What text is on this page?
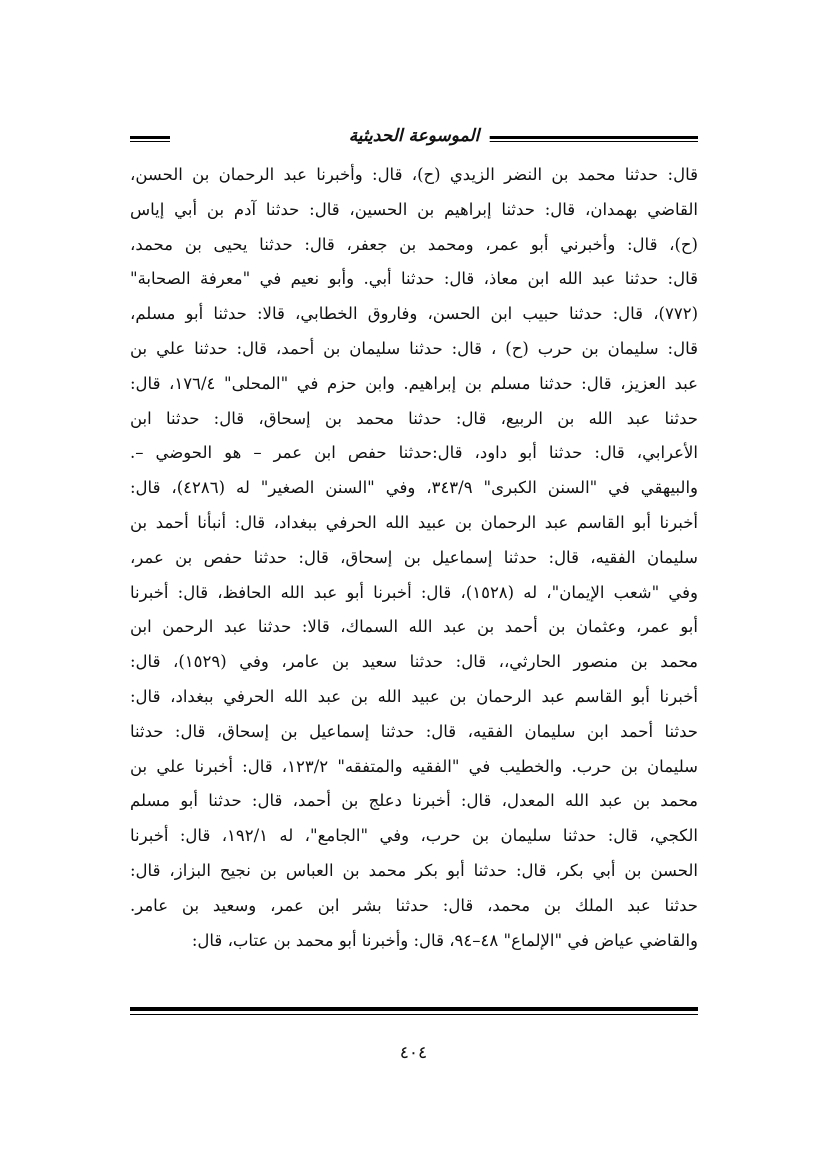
الموسوعة الحديثية
قال: حدثنا محمد بن النضر الزيدي (ح)، قال: وأخبرنا عبد الرحمان بن الحسن،
القاضي بهمدان، قال: حدثنا إبراهيم بن الحسين، قال: حدثنا آدم بن أبي إياس
(ح)، قال: وأخبرني أبو عمر، ومحمد بن جعفر، قال: حدثنا يحيى بن محمد،
قال: حدثنا عبد الله ابن معاذ، قال: حدثنا أبي. وأبو نعيم في "معرفة الصحابة"
(٧٧٢)، قال: حدثنا حبيب ابن الحسن، وفاروق الخطابي، قالا: حدثنا أبو مسلم،
قال: سليمان بن حرب (ح) ، قال: حدثنا سليمان بن أحمد، قال: حدثنا علي بن
عبد العزيز، قال: حدثنا مسلم بن إبراهيم. وابن حزم في "المحلى" ١٧٦/٤، قال:
حدثنا عبد الله بن الربيع، قال: حدثنا محمد بن إسحاق، قال: حدثنا ابن
الأعرابي، قال: حدثنا أبو داود، قال:حدثنا حفص ابن عمر – هو الحوضي –.
والبيهقي في "السنن الكبرى" ٣٤٣/٩، وفي "السنن الصغير" له (٤٢٨٦)، قال:
أخبرنا أبو القاسم عبد الرحمان بن عبيد الله الحرفي ببغداد، قال: أنبأنا أحمد بن
سليمان الفقيه، قال: حدثنا إسماعيل بن إسحاق، قال: حدثنا حفص بن عمر،
وفي "شعب الإيمان"، له (١٥٢٨)، قال: أخبرنا أبو عبد الله الحافظ، قال: أخبرنا
أبو عمر، وعثمان بن أحمد بن عبد الله السماك، قالا: حدثنا عبد الرحمن ابن
محمد بن منصور الحارثي،، قال: حدثنا سعيد بن عامر، وفي (١٥٢٩)، قال:
أخبرنا أبو القاسم عبد الرحمان بن عبيد الله بن عبد الله الحرفي ببغداد، قال:
حدثنا أحمد ابن سليمان الفقيه، قال: حدثنا إسماعيل بن إسحاق، قال: حدثنا
سليمان بن حرب. والخطيب في "الفقيه والمتفقه" ١٢٣/٢، قال: أخبرنا علي بن
محمد بن عبد الله المعدل، قال: أخبرنا دعلج بن أحمد، قال: حدثنا أبو مسلم
الكجي، قال: حدثنا سليمان بن حرب، وفي "الجامع"، له ١٩٢/١، قال: أخبرنا
الحسن بن أبي بكر، قال: حدثنا أبو بكر محمد بن العباس بن نجيح البزاز، قال:
حدثنا عبد الملك بن محمد، قال: حدثنا بشر ابن عمر، وسعيد بن عامر.
والقاضي عياض في "الإلماع" ٤٨–٩٤، قال: وأخبرنا أبو محمد بن عتاب، قال:
٤٠٤
